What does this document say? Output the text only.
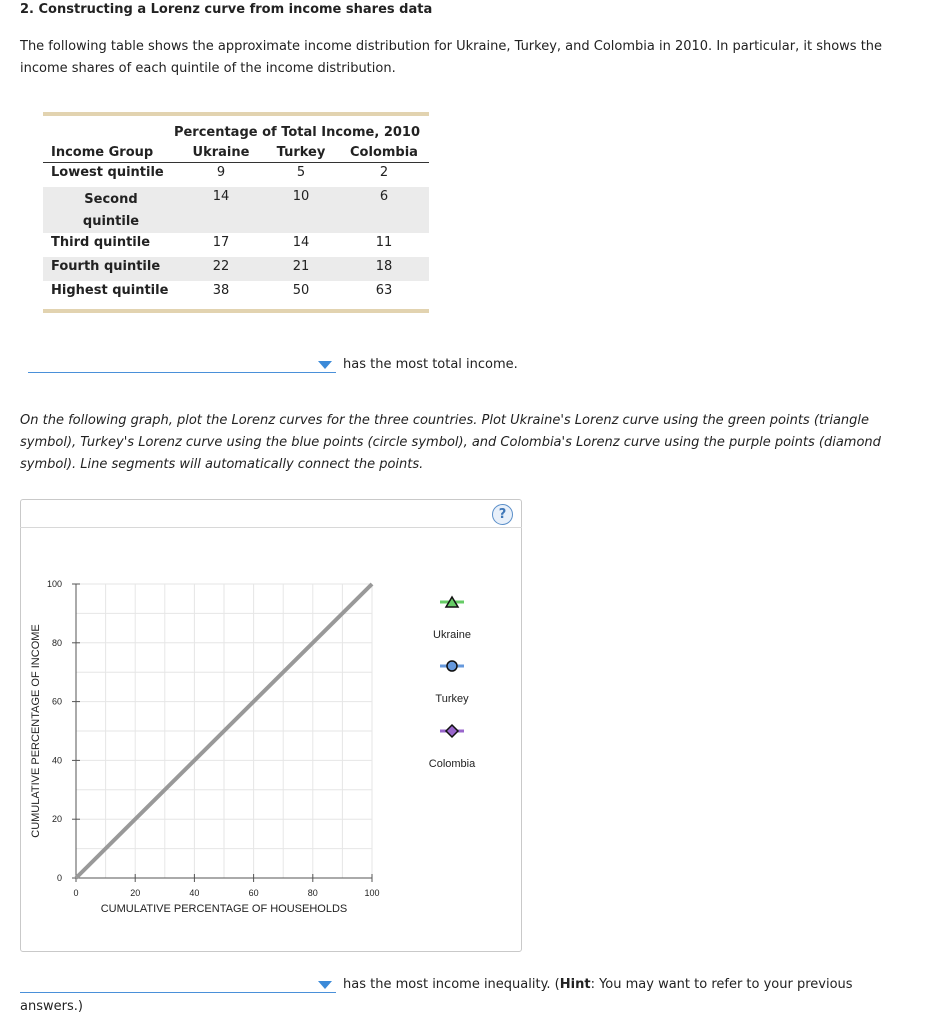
2. Constructing a Lorenz curve from income shares data
The following table shows the approximate income distribution for Ukraine, Turkey, and Colombia in 2010. In particular, it shows the income shares of each quintile of the income distribution.
Percentage of Total Income, 2010
Income Group	Ukraine	Turkey	Colombia
Lowest quintile	9	5	2

Second quintile	14	10	6
Third quintile	17	14	11
Fourth quintile	22	21	18
Highest quintile	38	50	63
has the most total income.
On the following graph, plot the Lorenz curves for the three countries. Plot Ukraine's Lorenz curve using the green points (triangle symbol), Turkey's Lorenz curve using the blue points (circle symbol), and Colombia's Lorenz curve using the purple points (diamond symbol). Line segments will automatically connect the points.
?
0	20	40	60	80	100
0
20
40
60
80
100
CUMULATIVE PERCENTAGE OF HOUSEHOLDS
CUMULATIVE PERCENTAGE OF INCOME	Ukraine
Turkey
Colombia
has the most income inequality. (Hint: You may want to refer to your previous
answers.)
